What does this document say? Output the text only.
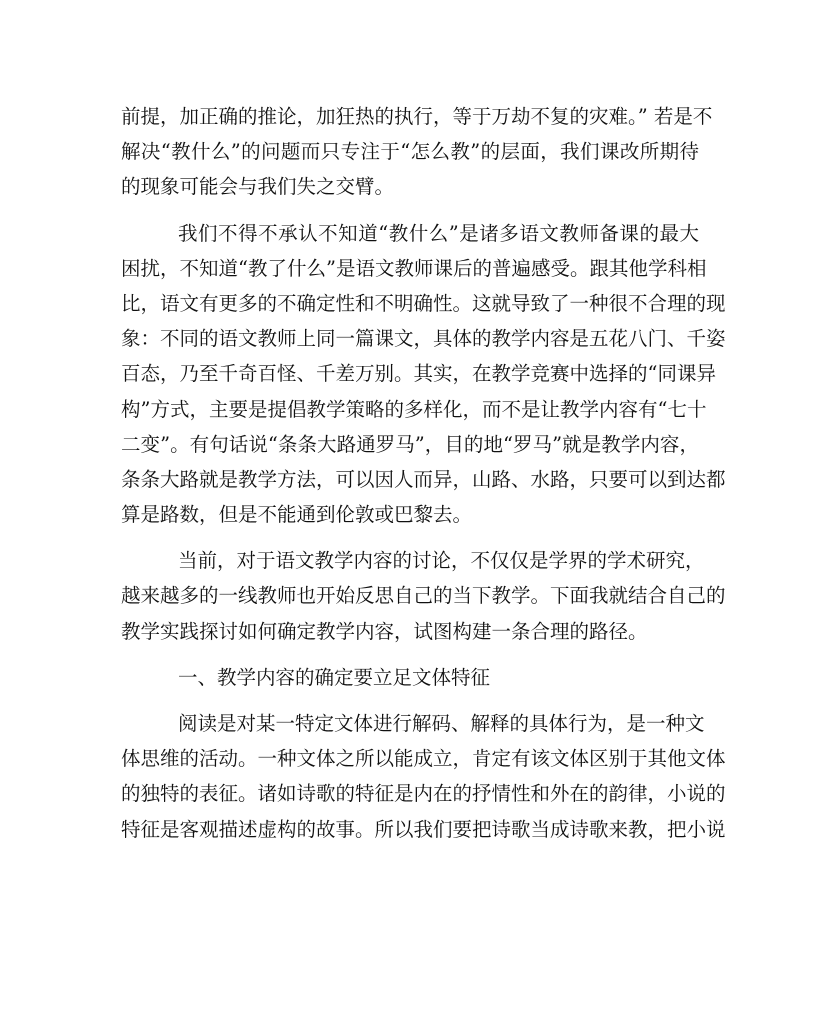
前提，加正确的推论，加狂热的执行，等于万劫不复的灾难。” 若是不
解决“教什么”的问题而只专注于“怎么教”的层面，我们课改所期待
的现象可能会与我们失之交臂。
我们不得不承认不知道“教什么”是诸多语文教师备课的最大
困扰，不知道“教了什么”是语文教师课后的普遍感受。跟其他学科相
比，语文有更多的不确定性和不明确性。这就导致了一种很不合理的现
象：不同的语文教师上同一篇课文，具体的教学内容是五花八门、千姿
百态，乃至千奇百怪、千差万别。其实，在教学竞赛中选择的“同课异
构”方式，主要是提倡教学策略的多样化，而不是让教学内容有“七十
二变”。有句话说“条条大路通罗马”，目的地“罗马”就是教学内容，
条条大路就是教学方法，可以因人而异，山路、水路，只要可以到达都
算是路数，但是不能通到伦敦或巴黎去。
当前，对于语文教学内容的讨论，不仅仅是学界的学术研究，
越来越多的一线教师也开始反思自己的当下教学。下面我就结合自己的
教学实践探讨如何确定教学内容，试图构建一条合理的路径。
一、教学内容的确定要立足文体特征
阅读是对某一特定文体进行解码、解释的具体行为，是一种文
体思维的活动。一种文体之所以能成立，肯定有该文体区别于其他文体
的独特的表征。诸如诗歌的特征是内在的抒情性和外在的韵律，小说的
特征是客观描述虚构的故事。所以我们要把诗歌当成诗歌来教，把小说
